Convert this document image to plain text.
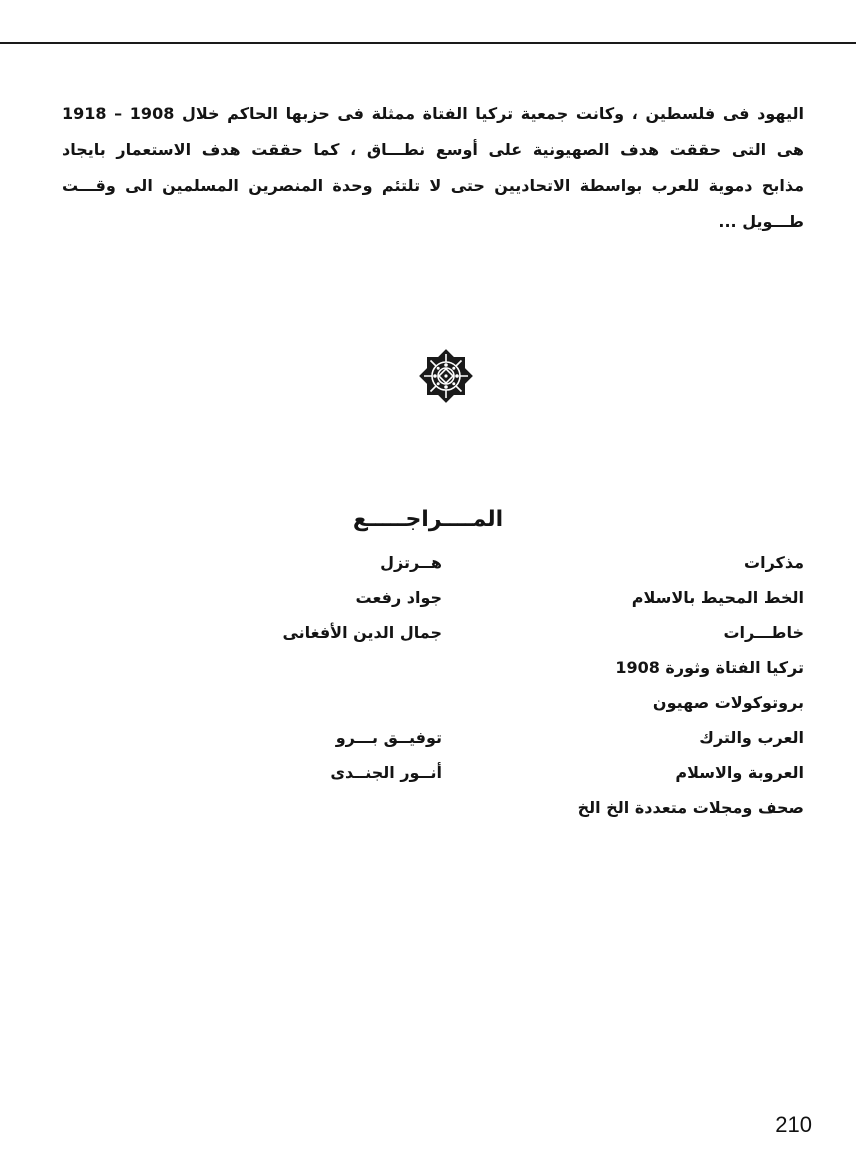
اليهود فى فلسطين ، وكانت جمعية تركيا الفتاة ممثلة فى حزبها الحاكم خلال 1908 – 1918
هى التى حققت هدف الصهيونية على أوسع نطـــاق ، كما حققت هدف الاستعمار بايجاد
مذابح دموية للعرب بواسطة الاتحاديين حتى لا تلتئم وحدة المنصرين المسلمين الى وقـــت
طـــويل ...
المــــراجـــــع
مذكرات
هــرتزل
الخط المحيط بالاسلام
جواد رفعت
خاطـــرات
جمال الدين الأفغانى
تركيا الفتاة وثورة 1908
بروتوكولات صهيون
العرب والترك
توفيــق بـــرو
العروبة والاسلام
أنــور الجنــدى
صحف ومجلات متعددة الخ الخ
210
